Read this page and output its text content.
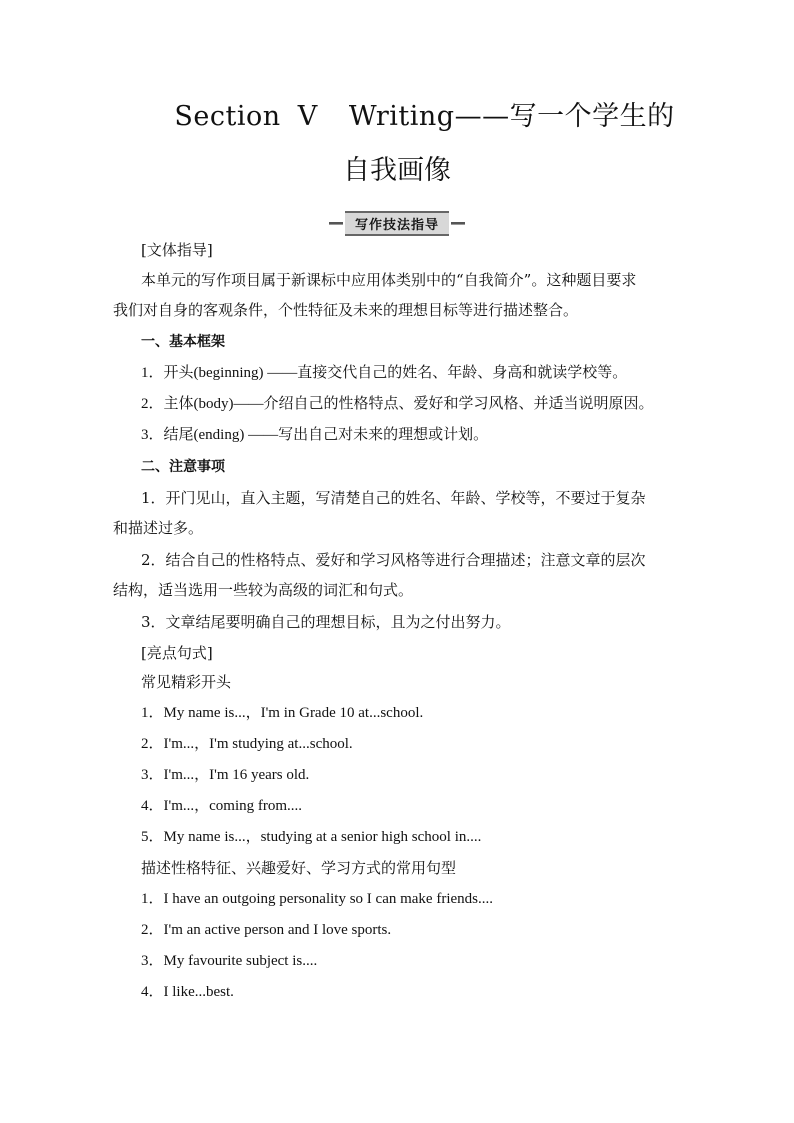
Section Ⅴ Writing——写一个学生的
自我画像
写作技法指导
[文体指导]
本单元的写作项目属于新课标中应用体类别中的“自我简介”。这种题目要求
我们对自身的客观条件，个性特征及未来的理想目标等进行描述整合。
一、基本框架
1．开头(beginning) ——直接交代自己的姓名、年龄、身高和就读学校等。
2．主体(body)——介绍自己的性格特点、爱好和学习风格、并适当说明原因。
3．结尾(ending) ——写出自己对未来的理想或计划。
二、注意事项
1．开门见山，直入主题，写清楚自己的姓名、年龄、学校等，不要过于复杂
和描述过多。
2．结合自己的性格特点、爱好和学习风格等进行合理描述；注意文章的层次
结构，适当选用一些较为高级的词汇和句式。
3．文章结尾要明确自己的理想目标，且为之付出努力。
[亮点句式]
常见精彩开头
1．My name is...，I'm in Grade 10 at...school.
2．I'm...，I'm studying at...school.
3．I'm...，I'm 16 years old.
4．I'm...，coming from....
5．My name is...，studying at a senior high school in....
描述性格特征、兴趣爱好、学习方式的常用句型
1．I have an outgoing personality so I can make friends....
2．I'm an active person and I love sports.
3．My favourite subject is....
4．I like...best.
